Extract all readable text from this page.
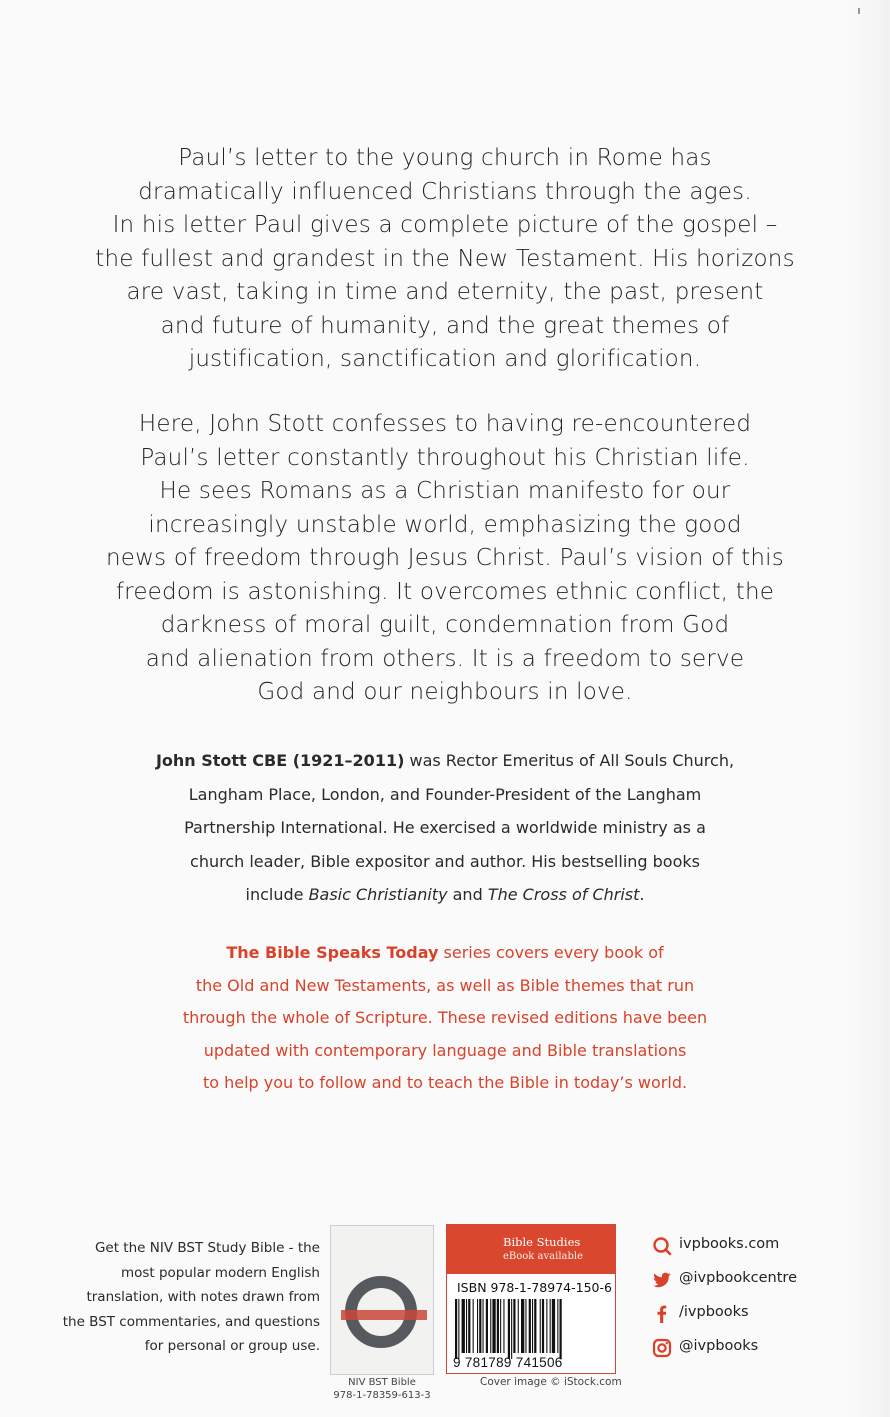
Paul’s letter to the young church in Rome has
dramatically influenced Christians through the ages.
In his letter Paul gives a complete picture of the gospel –
the fullest and grandest in the New Testament. His horizons
are vast, taking in time and eternity, the past, present
and future of humanity, and the great themes of
justification, sanctification and glorification.

Here, John Stott confesses to having re-encountered
Paul’s letter constantly throughout his Christian life.
He sees Romans as a Christian manifesto for our
increasingly unstable world, emphasizing the good
news of freedom through Jesus Christ. Paul’s vision of this
freedom is astonishing. It overcomes ethnic conflict, the
darkness of moral guilt, condemnation from God
and alienation from others. It is a freedom to serve
God and our neighbours in love.

John Stott CBE (1921–2011) was Rector Emeritus of All Souls Church,
Langham Place, London, and Founder-President of the Langham
Partnership International. He exercised a worldwide ministry as a
church leader, Bible expositor and author. His bestselling books
include Basic Christianity and The Cross of Christ.

The Bible Speaks Today series covers every book of
the Old and New Testaments, as well as Bible themes that run
through the whole of Scripture. These revised editions have been
updated with contemporary language and Bible translations
to help you to follow and to teach the Bible in today’s world.

Get the NIV BST Study Bible - the
most popular modern English
translation, with notes drawn from
the BST commentaries, and questions
for personal or group use.

NIV BST Bible
978-1-78359-613-3

Bible Studies
eBook available
ISBN 978-1-78974-150-6
9 781789 741506

Cover image © iStock.com

ivpbooks.com
@ivpbookcentre
/ivpbooks
@ivpbooks
